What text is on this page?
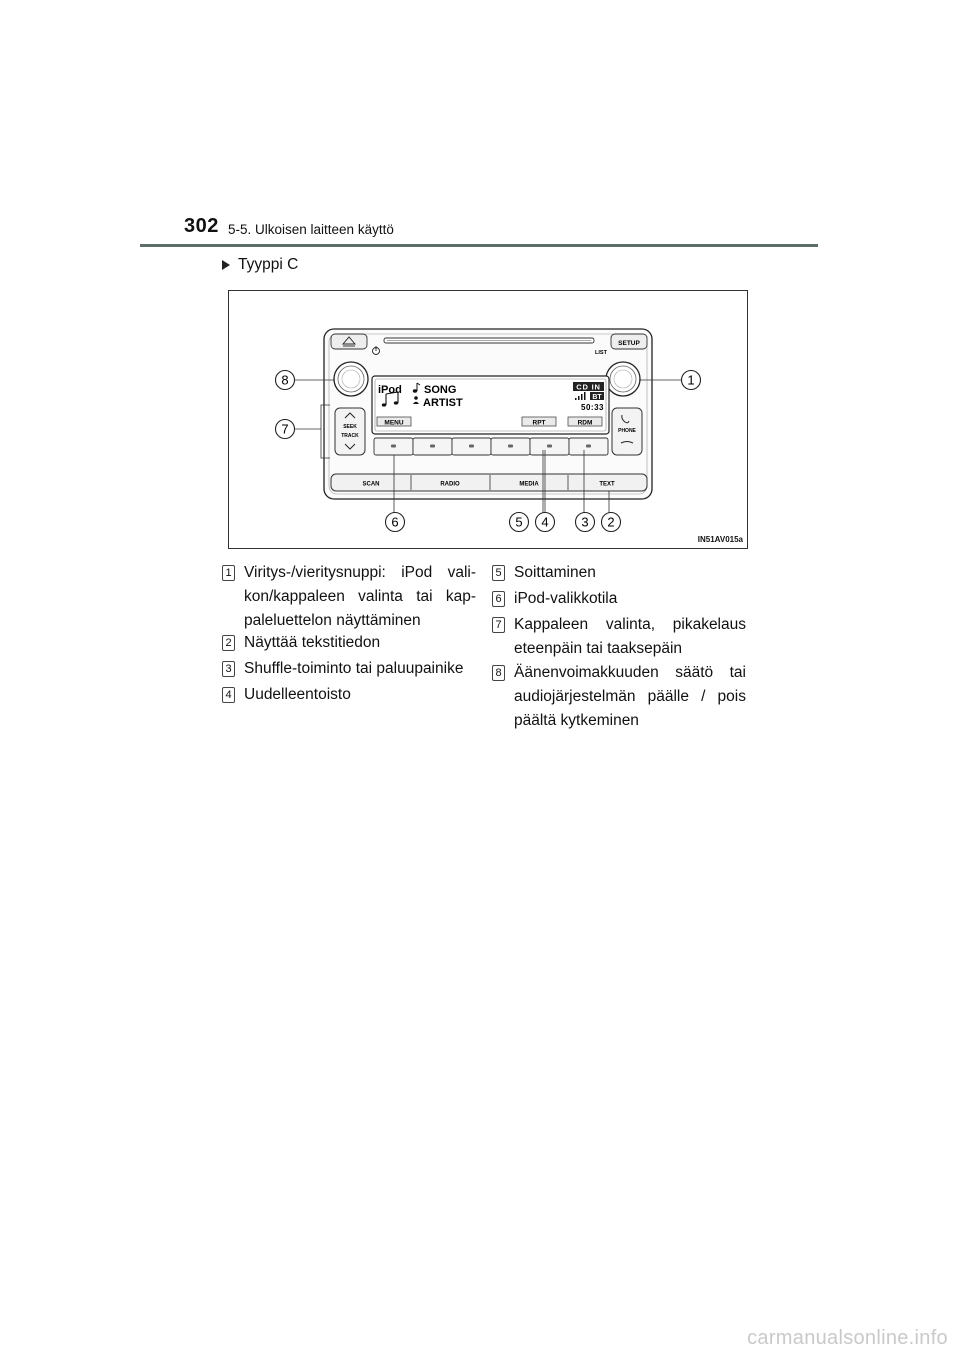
302 5-5. Ulkoisen laitteen käyttö
Tyyppi C
SETUP
LIST
iPod SONG
ARTIST
CD IN
BT
50:33
MENU	RPT	RDM
SEEK
TRACK
PHONE
SCAN	RADIO	MEDIA	TEXT
8
7
1
6	5 4	3 2
IN51AV015a
1 Viritys-/vieritysnuppi: iPod vali-kon/kappaleen valinta tai kap-paleluettelon näyttäminen
2 Näyttää tekstitiedon
3 Shuffle-toiminto tai paluupainike
4 Uudelleentoisto
5 Soittaminen
6 iPod-valikkotila
7 Kappaleen valinta, pikakelaus eteenpäin tai taaksepäin
8 Äänenvoimakkuuden säätö tai audiojärjestelmän päälle / pois päältä kytkeminen
carmanualsonline.info
